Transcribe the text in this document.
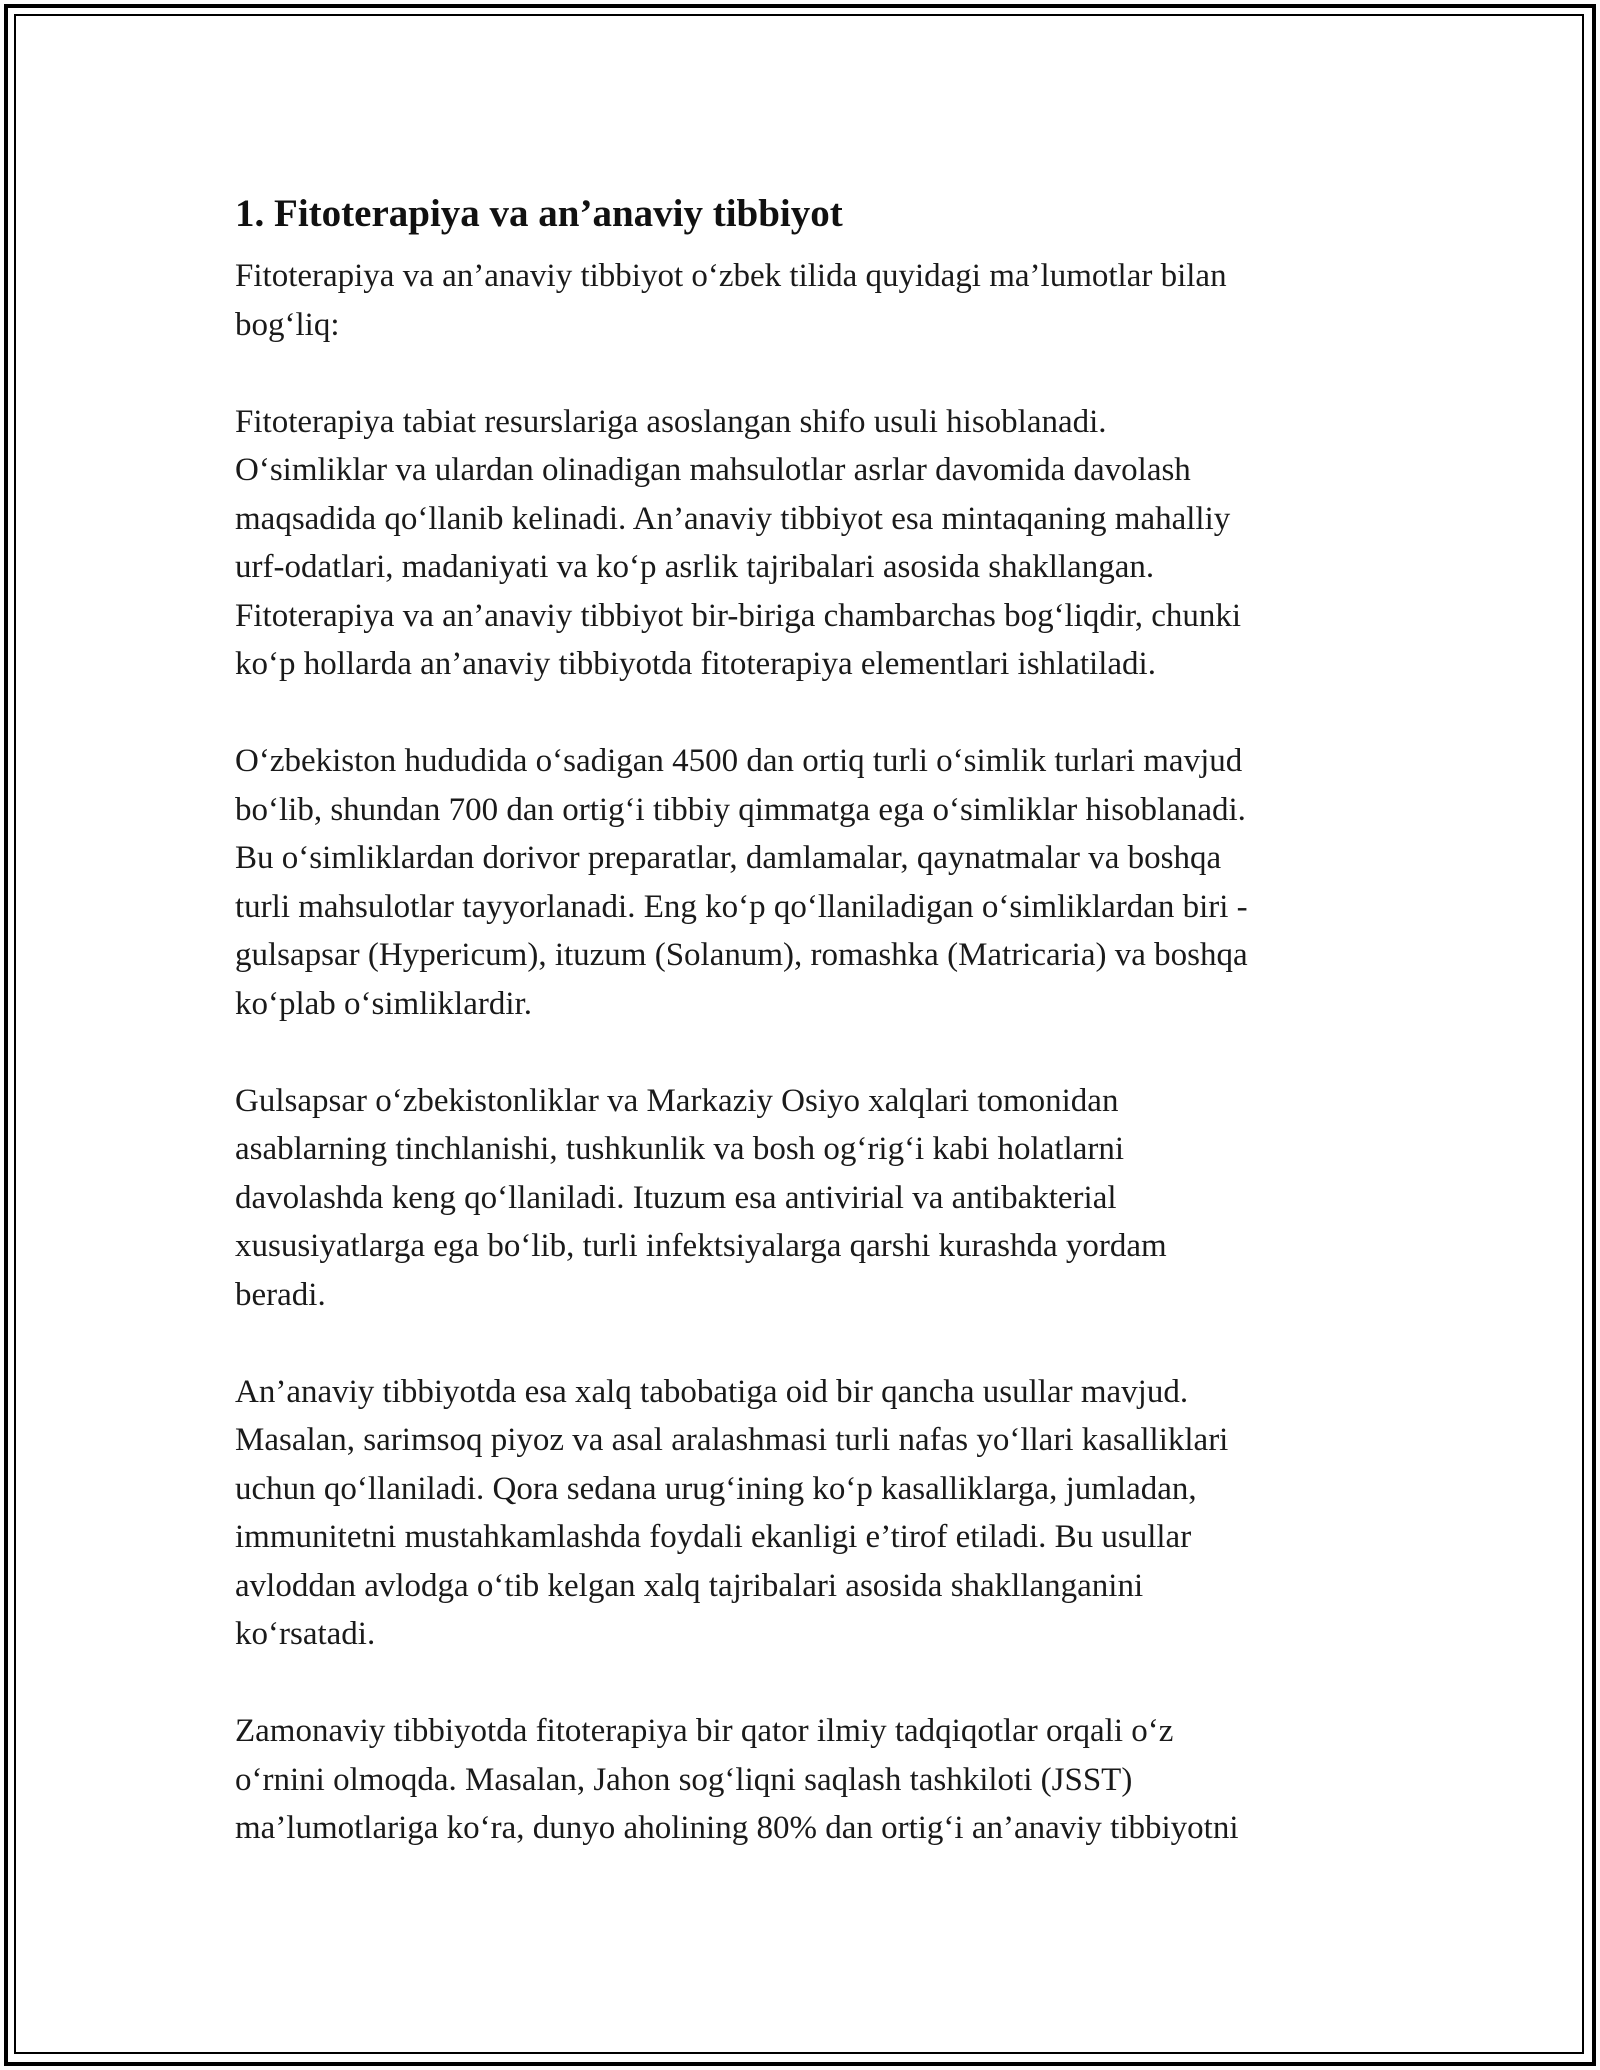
1. Fitoterapiya va an’anaviy tibbiyot

Fitoterapiya va an’anaviy tibbiyot o‘zbek tilida quyidagi ma’lumotlar bilan
bog‘liq:

Fitoterapiya tabiat resurslariga asoslangan shifo usuli hisoblanadi.
O‘simliklar va ulardan olinadigan mahsulotlar asrlar davomida davolash
maqsadida qo‘llanib kelinadi. An’anaviy tibbiyot esa mintaqaning mahalliy
urf-odatlari, madaniyati va ko‘p asrlik tajribalari asosida shakllangan.
Fitoterapiya va an’anaviy tibbiyot bir-biriga chambarchas bog‘liqdir, chunki
ko‘p hollarda an’anaviy tibbiyotda fitoterapiya elementlari ishlatiladi.

O‘zbekiston hududida o‘sadigan 4500 dan ortiq turli o‘simlik turlari mavjud
bo‘lib, shundan 700 dan ortig‘i tibbiy qimmatga ega o‘simliklar hisoblanadi.
Bu o‘simliklardan dorivor preparatlar, damlamalar, qaynatmalar va boshqa
turli mahsulotlar tayyorlanadi. Eng ko‘p qo‘llaniladigan o‘simliklardan biri -
gulsapsar (Hypericum), ituzum (Solanum), romashka (Matricaria) va boshqa
ko‘plab o‘simliklardir.

Gulsapsar o‘zbekistonliklar va Markaziy Osiyo xalqlari tomonidan
asablarning tinchlanishi, tushkunlik va bosh og‘rig‘i kabi holatlarni
davolashda keng qo‘llaniladi. Ituzum esa antivirial va antibakterial
xususiyatlarga ega bo‘lib, turli infektsiyalarga qarshi kurashda yordam
beradi.

An’anaviy tibbiyotda esa xalq tabobatiga oid bir qancha usullar mavjud.
Masalan, sarimsoq piyoz va asal aralashmasi turli nafas yo‘llari kasalliklari
uchun qo‘llaniladi. Qora sedana urug‘ining ko‘p kasalliklarga, jumladan,
immunitetni mustahkamlashda foydali ekanligi e’tirof etiladi. Bu usullar
avloddan avlodga o‘tib kelgan xalq tajribalari asosida shakllanganini
ko‘rsatadi.

Zamonaviy tibbiyotda fitoterapiya bir qator ilmiy tadqiqotlar orqali o‘z
o‘rnini olmoqda. Masalan, Jahon sog‘liqni saqlash tashkiloti (JSST)
ma’lumotlariga ko‘ra, dunyo aholining 80% dan ortig‘i an’anaviy tibbiyotni
